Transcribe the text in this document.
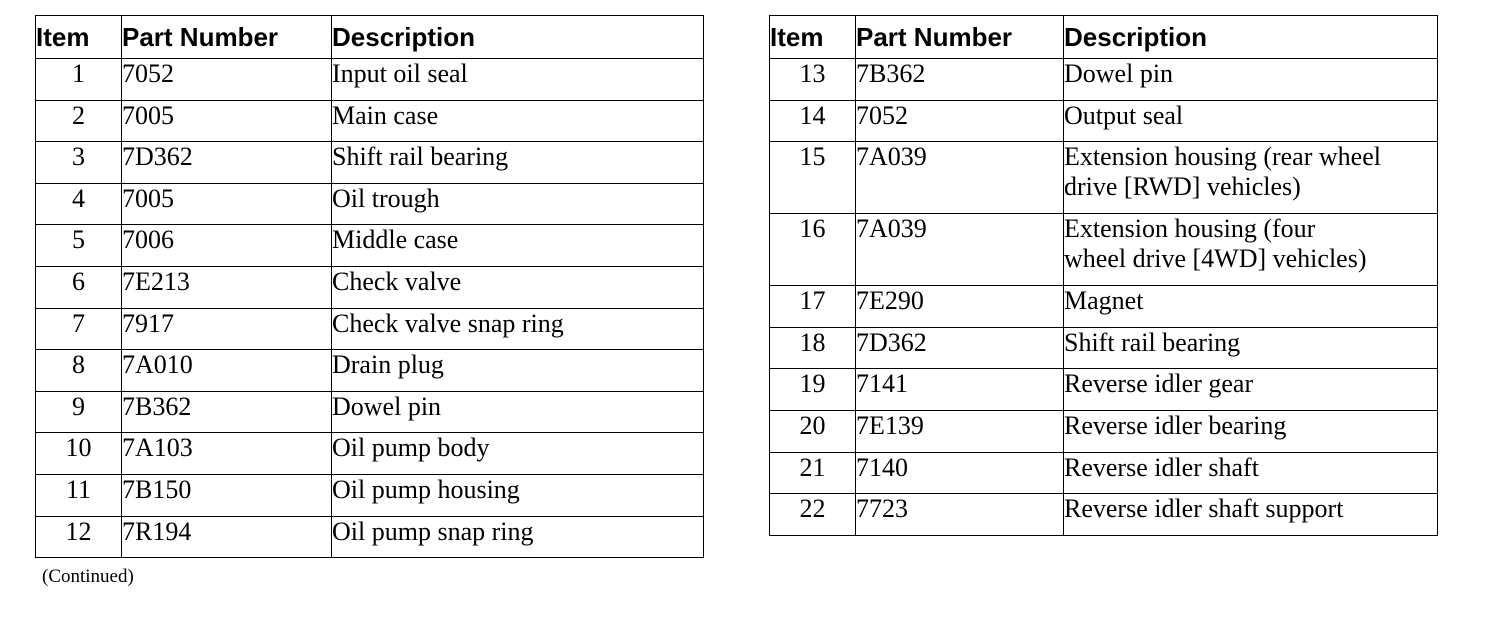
Item	Part Number	Description
1	7052	Input oil seal

2	7005	Main case

3	7D362	Shift rail bearing

4	7005	Oil trough

5	7006	Middle case

6	7E213	Check valve

7	7917	Check valve snap ring

8	7A010	Drain plug

9	7B362	Dowel pin

10	7A103	Oil pump body

11	7B150	Oil pump housing

12	7R194	Oil pump snap ring
Item	Part Number	Description
13	7B362	Dowel pin

14	7052	Output seal

15	7A039	Extension housing (rear wheel
drive [RWD] vehicles)

16	7A039	Extension housing (four
wheel drive [4WD] vehicles)

17	7E290	Magnet

18	7D362	Shift rail bearing

19	7141	Reverse idler gear

20	7E139	Reverse idler bearing

21	7140	Reverse idler shaft

22	7723	Reverse idler shaft support
(Continued)
